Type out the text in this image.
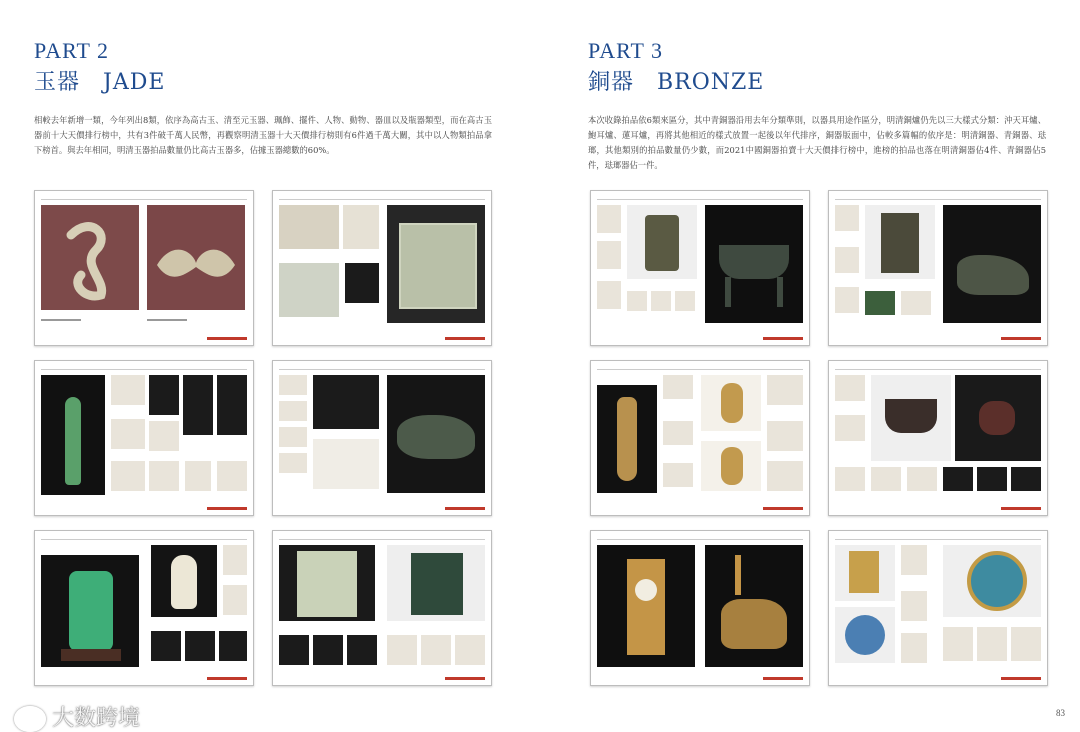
PART 2
玉器　JADE
相較去年新增一類，今年列出8類，依序為高古玉、清至元玉器、珮飾、擺件、人物、動物、器皿以及瓶器類型，而在高古玉器前十大天價排行榜中，共有3件破千萬人民幣，再觀察明清玉器十大天價排行榜則有6件過千萬大關，其中以人物類拍品拿下榜首。與去年相同，明清玉器拍品數量仍比高古玉器多，佔據玉器總數的60%。
PART 3
銅器　BRONZE
本次收錄拍品依6類來區分，其中青銅器沿用去年分類準則，以器具用途作區分，明清銅爐仍先以三大樣式分類：沖天耳爐、鮑耳爐、蓮耳爐，再將其他相近的樣式放置一起後以年代排序，銅器版面中，佔較多篇幅的依序是：明清銅器、青銅器、琺瑯，其他類別的拍品數量仍少數，而2021中國銅器拍賣十大天價排行榜中，進榜的拍品也落在明清銅器佔4件、青銅器佔5件，琺瑯器佔一件。
83
大数跨境
